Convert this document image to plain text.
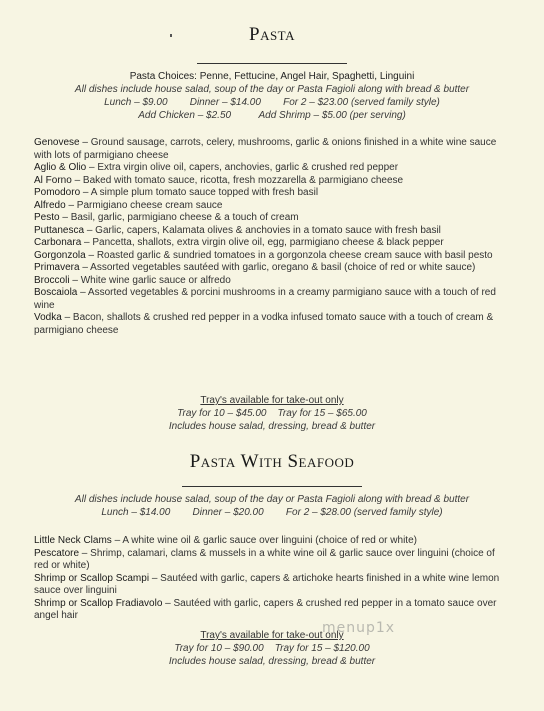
Pasta
Pasta Choices: Penne, Fettucine, Angel Hair, Spaghetti, Linguini
All dishes include house salad, soup of the day or Pasta Fagioli along with bread & butter
Lunch – $9.00        Dinner – $14.00        For 2 – $23.00 (served family style)
Add Chicken – $2.50          Add Shrimp – $5.00 (per serving)
Genovese – Ground sausage, carrots, celery, mushrooms, garlic & onions finished in a white wine sauce with lots of parmigiano cheese
Aglio & Olio – Extra virgin olive oil, capers, anchovies, garlic & crushed red pepper
Al Forno – Baked with tomato sauce, ricotta, fresh mozzarella & parmigiano cheese
Pomodoro – A simple plum tomato sauce topped with fresh basil
Alfredo – Parmigiano cheese cream sauce
Pesto – Basil, garlic, parmigiano cheese & a touch of cream
Puttanesca – Garlic, capers, Kalamata olives & anchovies in a tomato sauce with fresh basil
Carbonara – Pancetta, shallots, extra virgin olive oil, egg, parmigiano cheese & black pepper
Gorgonzola – Roasted garlic & sundried tomatoes in a gorgonzola cheese cream sauce with basil pesto
Primavera – Assorted vegetables sautéed with garlic, oregano & basil (choice of red or white sauce)
Broccoli – White wine garlic sauce or alfredo
Boscaiola – Assorted vegetables & porcini mushrooms in a creamy parmigiano sauce with a touch of red wine
Vodka – Bacon, shallots & crushed red pepper in a vodka infused tomato sauce with a touch of cream & parmigiano cheese
Tray's available for take-out only
Tray for 10 – $45.00    Tray for 15 – $65.00
Includes house salad, dressing, bread & butter
Pasta With Seafood
All dishes include house salad, soup of the day or Pasta Fagioli along with bread & butter
Lunch – $14.00        Dinner – $20.00        For 2 – $28.00 (served family style)
Little Neck Clams – A white wine oil & garlic sauce over linguini (choice of red or white)
Pescatore – Shrimp, calamari, clams & mussels in a white wine oil & garlic sauce over linguini (choice of red or white)
Shrimp or Scallop Scampi – Sautéed with garlic, capers & artichoke hearts finished in a white wine lemon sauce over linguini
Shrimp or Scallop Fradiavolo – Sautéed with garlic, capers & crushed red pepper in a tomato sauce over angel hair
Tray's available for take-out only
Tray for 10 – $90.00    Tray for 15 – $120.00
Includes house salad, dressing, bread & butter
menup1x
